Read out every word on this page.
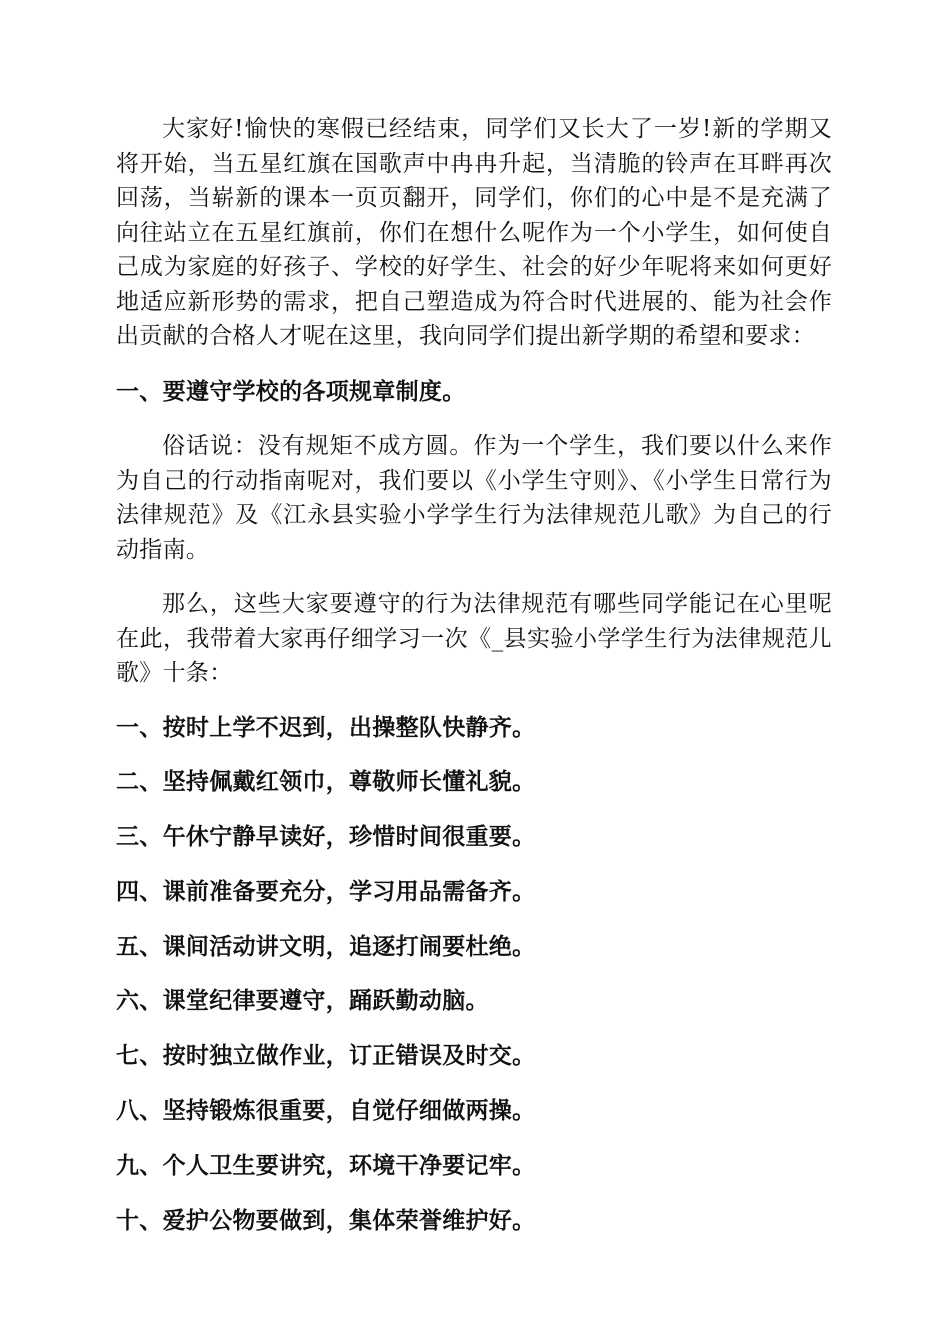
大家好!愉快的寒假已经结束，同学们又长大了一岁!新的学期又将开始，当五星红旗在国歌声中冉冉升起，当清脆的铃声在耳畔再次回荡，当崭新的课本一页页翻开，同学们，你们的心中是不是充满了向往站立在五星红旗前，你们在想什么呢作为一个小学生，如何使自己成为家庭的好孩子、学校的好学生、社会的好少年呢将来如何更好地适应新形势的需求，把自己塑造成为符合时代进展的、能为社会作出贡献的合格人才呢在这里，我向同学们提出新学期的希望和要求：

一、要遵守学校的各项规章制度。

俗话说：没有规矩不成方圆。作为一个学生，我们要以什么来作为自己的行动指南呢对，我们要以《小学生守则》、《小学生日常行为法律规范》及《江永县实验小学学生行为法律规范儿歌》为自己的行动指南。

那么，这些大家要遵守的行为法律规范有哪些同学能记在心里呢在此，我带着大家再仔细学习一次《_县实验小学学生行为法律规范儿歌》十条：

一、按时上学不迟到，出操整队快静齐。
二、坚持佩戴红领巾，尊敬师长懂礼貌。
三、午休宁静早读好，珍惜时间很重要。
四、课前准备要充分，学习用品需备齐。
五、课间活动讲文明，追逐打闹要杜绝。
六、课堂纪律要遵守，踊跃勤动脑。
七、按时独立做作业，订正错误及时交。
八、坚持锻炼很重要，自觉仔细做两操。
九、个人卫生要讲究，环境干净要记牢。
十、爱护公物要做到，集体荣誉维护好。
